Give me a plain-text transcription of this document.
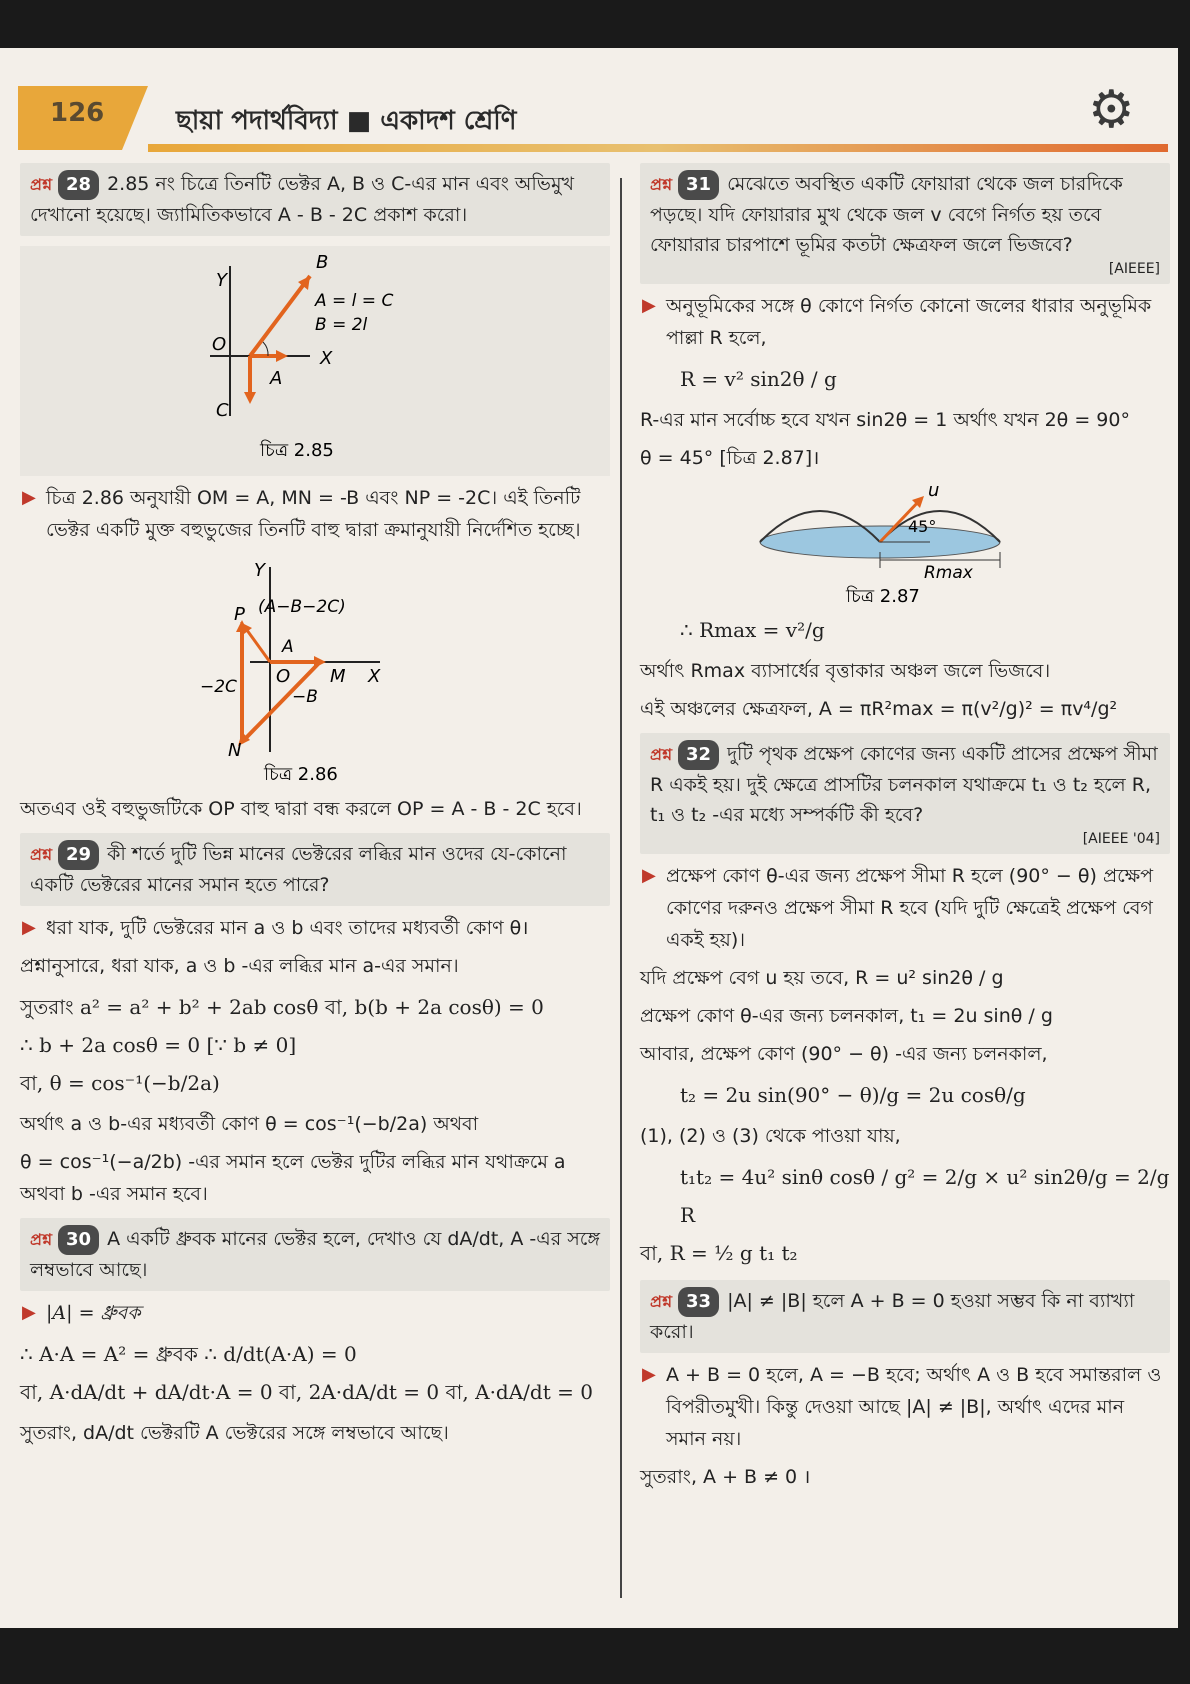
126	ছায়া পদার্থবিদ্যা ■ একাদশ শ্রেণি	⚙
প্রশ্ন 28 2.85 নং চিত্রে তিনটি ভেক্টর A, B ও C-এর মান এবং অভিমুখ দেখানো হয়েছে। জ্যামিতিকভাবে A - B - 2C প্রকাশ করো।
Y
B
O
X
A
C
A = l = C
B = 2l
চিত্র 2.85
▶ চিত্র 2.86 অনুযায়ী OM = A, MN = -B এবং NP = -2C। এই তিনটি ভেক্টর একটি মুক্ত বহুভুজের তিনটি বাহু দ্বারা ক্রমানুযায়ী নির্দেশিত হচ্ছে।
Y
P (A−B−2C)
A
O M X
−2C	−B
N
চিত্র 2.86
অতএব ওই বহুভুজটিকে OP বাহু দ্বারা বন্ধ করলে OP = A - B - 2C হবে।
প্রশ্ন 29 কী শর্তে দুটি ভিন্ন মানের ভেক্টরের লব্ধির মান ওদের যে-কোনো একটি ভেক্টরের মানের সমান হতে পারে?
▶ ধরা যাক, দুটি ভেক্টরের মান a ও b এবং তাদের মধ্যবর্তী কোণ θ।
প্রশ্নানুসারে, ধরা যাক, a ও b -এর লব্ধির মান a-এর সমান।
সুতরাং a² = a² + b² + 2ab cosθ বা, b(b + 2a cosθ) = 0
∴ b + 2a cosθ = 0 [∵ b ≠ 0]
বা, θ = cos⁻¹(−b/2a)
অর্থাৎ a ও b-এর মধ্যবর্তী কোণ θ = cos⁻¹(−b/2a) অথবা
θ = cos⁻¹(−a/2b) -এর সমান হলে ভেক্টর দুটির লব্ধির মান যথাক্রমে a অথবা b -এর সমান হবে।
প্রশ্ন 30 A একটি ধ্রুবক মানের ভেক্টর হলে, দেখাও যে dA/dt, A -এর সঙ্গে লম্বভাবে আছে।
▶ |A| = ধ্রুবক
∴ A·A = A² = ধ্রুবক ∴ d/dt(A·A) = 0
বা, A·dA/dt + dA/dt·A = 0 বা, 2A·dA/dt = 0 বা, A·dA/dt = 0
সুতরাং, dA/dt ভেক্টরটি A ভেক্টরের সঙ্গে লম্বভাবে আছে।
প্রশ্ন 31 মেঝেতে অবস্থিত একটি ফোয়ারা থেকে জল চারদিকে পড়ছে। যদি ফোয়ারার মুখ থেকে জল v বেগে নির্গত হয় তবে ফোয়ারার চারপাশে ভূমির কতটা ক্ষেত্রফল জলে ভিজবে?
[AIEEE]
▶ অনুভূমিকের সঙ্গে θ কোণে নির্গত কোনো জলের ধারার অনুভূমিক পাল্লা R হলে,
R = v² sin2θ / g
R-এর মান সর্বোচ্চ হবে যখন sin2θ = 1 অর্থাৎ যখন 2θ = 90°
θ = 45° [চিত্র 2.87]।
u
45°
Rmax
চিত্র 2.87
∴ Rmax = v²/g
অর্থাৎ Rmax ব্যাসার্ধের বৃত্তাকার অঞ্চল জলে ভিজবে।
এই অঞ্চলের ক্ষেত্রফল, A = πR²max = π(v²/g)² = πv⁴/g²
প্রশ্ন 32 দুটি পৃথক প্রক্ষেপ কোণের জন্য একটি প্রাসের প্রক্ষেপ সীমা R একই হয়। দুই ক্ষেত্রে প্রাসটির চলনকাল যথাক্রমে t₁ ও t₂ হলে R, t₁ ও t₂ -এর মধ্যে সম্পর্কটি কী হবে?
[AIEEE '04]
▶ প্রক্ষেপ কোণ θ-এর জন্য প্রক্ষেপ সীমা R হলে (90° − θ) প্রক্ষেপ কোণের দরুনও প্রক্ষেপ সীমা R হবে (যদি দুটি ক্ষেত্রেই প্রক্ষেপ বেগ একই হয়)।
যদি প্রক্ষেপ বেগ u হয় তবে, R = u² sin2θ / g
প্রক্ষেপ কোণ θ-এর জন্য চলনকাল, t₁ = 2u sinθ / g
আবার, প্রক্ষেপ কোণ (90° − θ) -এর জন্য চলনকাল,
t₂ = 2u sin(90° − θ)/g = 2u cosθ/g
(1), (2) ও (3) থেকে পাওয়া যায়,
t₁t₂ = 4u² sinθ cosθ / g² = 2/g × u² sin2θ/g = 2/g R
বা, R = ½ g t₁ t₂
প্রশ্ন 33 |A| ≠ |B| হলে A + B = 0 হওয়া সম্ভব কি না ব্যাখ্যা করো।
▶ A + B = 0 হলে, A = −B হবে; অর্থাৎ A ও B হবে সমান্তরাল ও বিপরীতমুখী। কিন্তু দেওয়া আছে |A| ≠ |B|, অর্থাৎ এদের মান সমান নয়।
সুতরাং, A + B ≠ 0 ।
